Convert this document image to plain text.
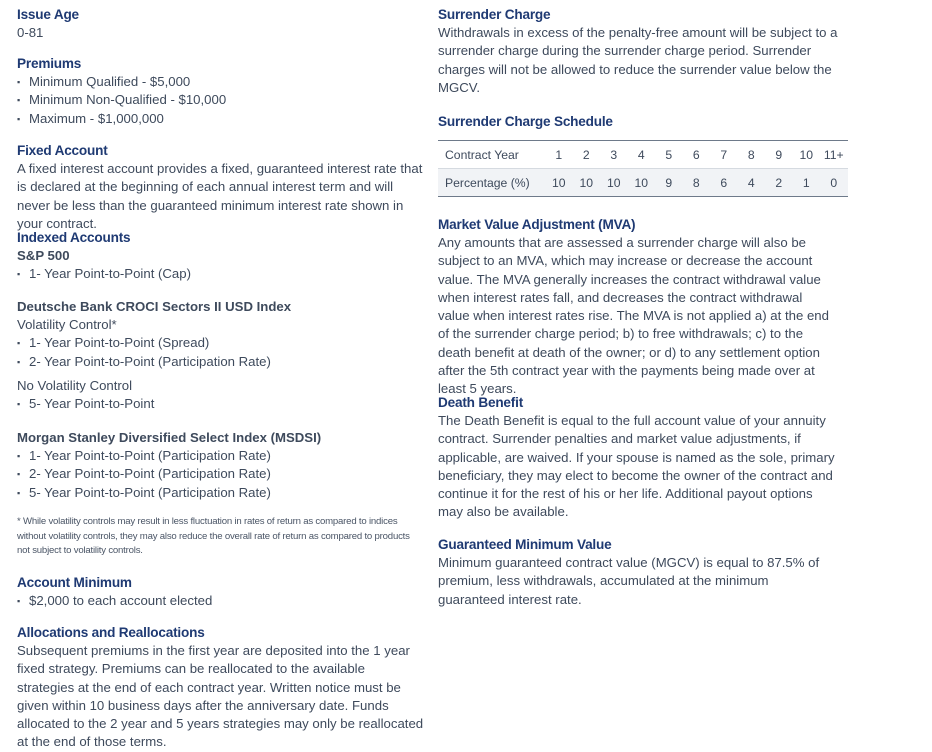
Issue Age

0-81

Premiums
▪ Minimum Qualified - $5,000
▪ Minimum Non-Qualified - $10,000
▪ Maximum - $1,000,000
Fixed Account

A fixed interest account provides a fixed, guaranteed interest rate that is declared at the beginning of each annual interest term and will never be less than the guaranteed minimum interest rate shown in your contract.

Indexed Accounts
S&P 500
▪ 1- Year Point-to-Point (Cap)
Deutsche Bank CROCI Sectors II USD Index

Volatility Control*

▪ 1- Year Point-to-Point (Spread)
▪ 2- Year Point-to-Point (Participation Rate)

No Volatility Control

▪ 5- Year Point-to-Point
Morgan Stanley Diversified Select Index (MSDSI)
▪ 1- Year Point-to-Point (Participation Rate)
▪ 2- Year Point-to-Point (Participation Rate)
▪ 5- Year Point-to-Point (Participation Rate)

* While volatility controls may result in less fluctuation in rates of return as compared to indices without volatility controls, they may also reduce the overall rate of return as compared to products not subject to volatility controls.

Account Minimum
▪ $2,000 to each account elected
Allocations and Reallocations

Subsequent premiums in the first year are deposited into the 1 year fixed strategy. Premiums can be reallocated to the available strategies at the end of each contract year. Written notice must be given within 10 business days after the anniversary date. Funds allocated to the 2 year and 5 years strategies may only be reallocated at the end of those terms.

Surrender Charge

Withdrawals in excess of the penalty-free amount will be subject to a surrender charge during the surrender charge period. Surrender charges will not be allowed to reduce the surrender value below the MGCV.

Surrender Charge Schedule
Contract Year	1	2	3	4	5	6	7	8	9	10	11+
Percentage (%)	10	10	10	10	9	8	6	4	2	1	0
Market Value Adjustment (MVA)

Any amounts that are assessed a surrender charge will also be subject to an MVA, which may increase or decrease the account value. The MVA generally increases the contract withdrawal value when interest rates fall, and decreases the contract withdrawal value when interest rates rise. The MVA is not applied a) at the end of the surrender charge period; b) to free withdrawals; c) to the death benefit at death of the owner; or d) to any settlement option after the 5th contract year with the payments being made over at least 5 years.

Death Benefit

The Death Benefit is equal to the full account value of your annuity contract. Surrender penalties and market value adjustments, if applicable, are waived. If your spouse is named as the sole, primary beneficiary, they may elect to become the owner of the contract and continue it for the rest of his or her life. Additional payout options may also be available.

Guaranteed Minimum Value

Minimum guaranteed contract value (MGCV) is equal to 87.5% of premium, less withdrawals, accumulated at the minimum guaranteed interest rate.
